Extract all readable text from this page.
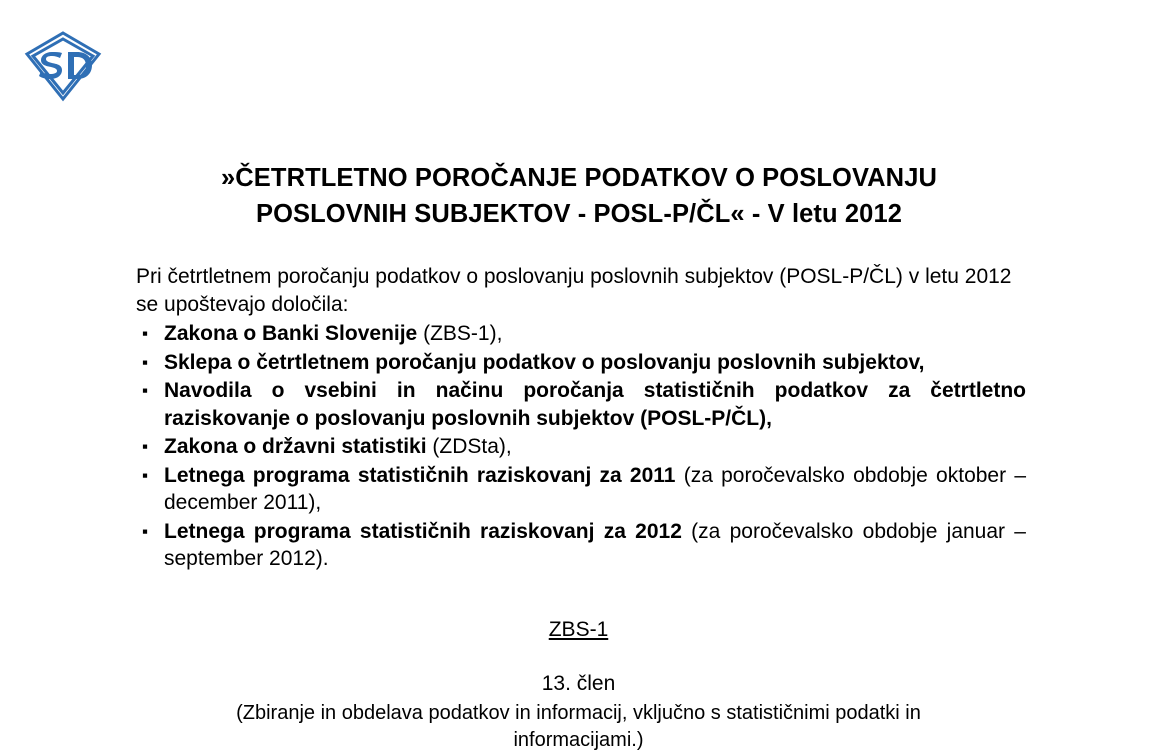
»ČETRTLETNO POROČANJE PODATKOV O POSLOVANJU
POSLOVNIH SUBJEKTOV - POSL-P/ČL« - V letu 2012
Pri četrtletnem poročanju podatkov o poslovanju poslovnih subjektov (POSL-P/ČL) v letu 2012 se upoštevajo določila:
▪ Zakona o Banki Slovenije (ZBS-1),
▪ Sklepa o četrtletnem poročanju podatkov o poslovanju poslovnih subjektov,
▪ Navodila o vsebini in načinu poročanja statističnih podatkov za četrtletno raziskovanje o poslovanju poslovnih subjektov (POSL-P/ČL),
▪ Zakona o državni statistiki (ZDSta),
▪ Letnega programa statističnih raziskovanj za 2011 (za poročevalsko obdobje oktober – december 2011),
▪ Letnega programa statističnih raziskovanj za 2012 (za poročevalsko obdobje januar – september 2012).
ZBS-1
13. člen
(Zbiranje in obdelava podatkov in informacij, vključno s statističnimi podatki in
informacijami.)
